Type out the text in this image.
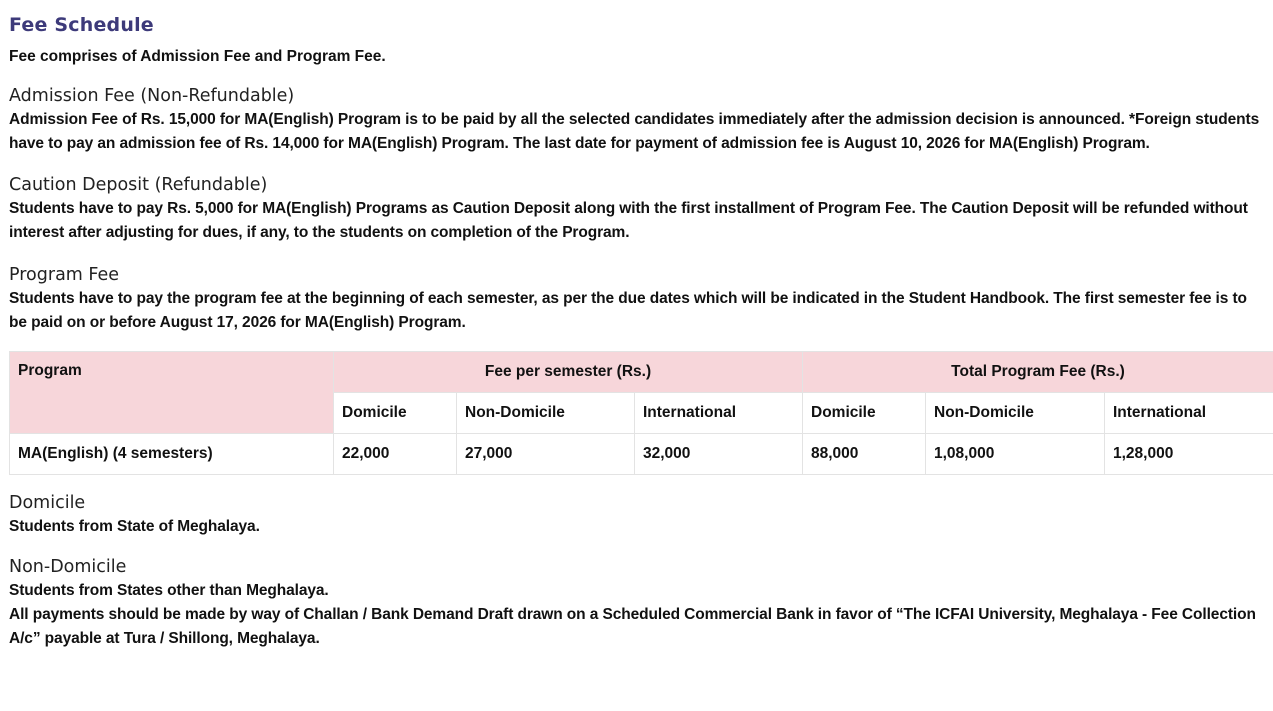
Fee Schedule

Fee comprises of Admission Fee and Program Fee.

Admission Fee (Non-Refundable)

Admission Fee of Rs. 15,000 for MA(English) Program is to be paid by all the selected candidates immediately after the admission decision is announced. *Foreign students have to pay an admission fee of Rs. 14,000 for MA(English) Program. The last date for payment of admission fee is August 10, 2026 for MA(English) Program.

Caution Deposit (Refundable)

Students have to pay Rs. 5,000 for MA(English) Programs as Caution Deposit along with the first installment of Program Fee. The Caution Deposit will be refunded without interest after adjusting for dues, if any, to the students on completion of the Program.

Program Fee

Students have to pay the program fee at the beginning of each semester, as per the due dates which will be indicated in the Student Handbook. The first semester fee is to be paid on or before August 17, 2026 for MA(English) Program.

Program	Fee per semester (Rs.)			Total Program Fee (Rs.)		
	Domicile	Non-Domicile	International	Domicile	Non-Domicile	International
MA(English) (4 semesters)	22,000	27,000	32,000	88,000	1,08,000	1,28,000
Domicile

Students from State of Meghalaya.

Non-Domicile

Students from States other than Meghalaya.

All payments should be made by way of Challan / Bank Demand Draft drawn on a Scheduled Commercial Bank in favor of “The ICFAI University, Meghalaya - Fee Collection A/c” payable at Tura / Shillong, Meghalaya.
